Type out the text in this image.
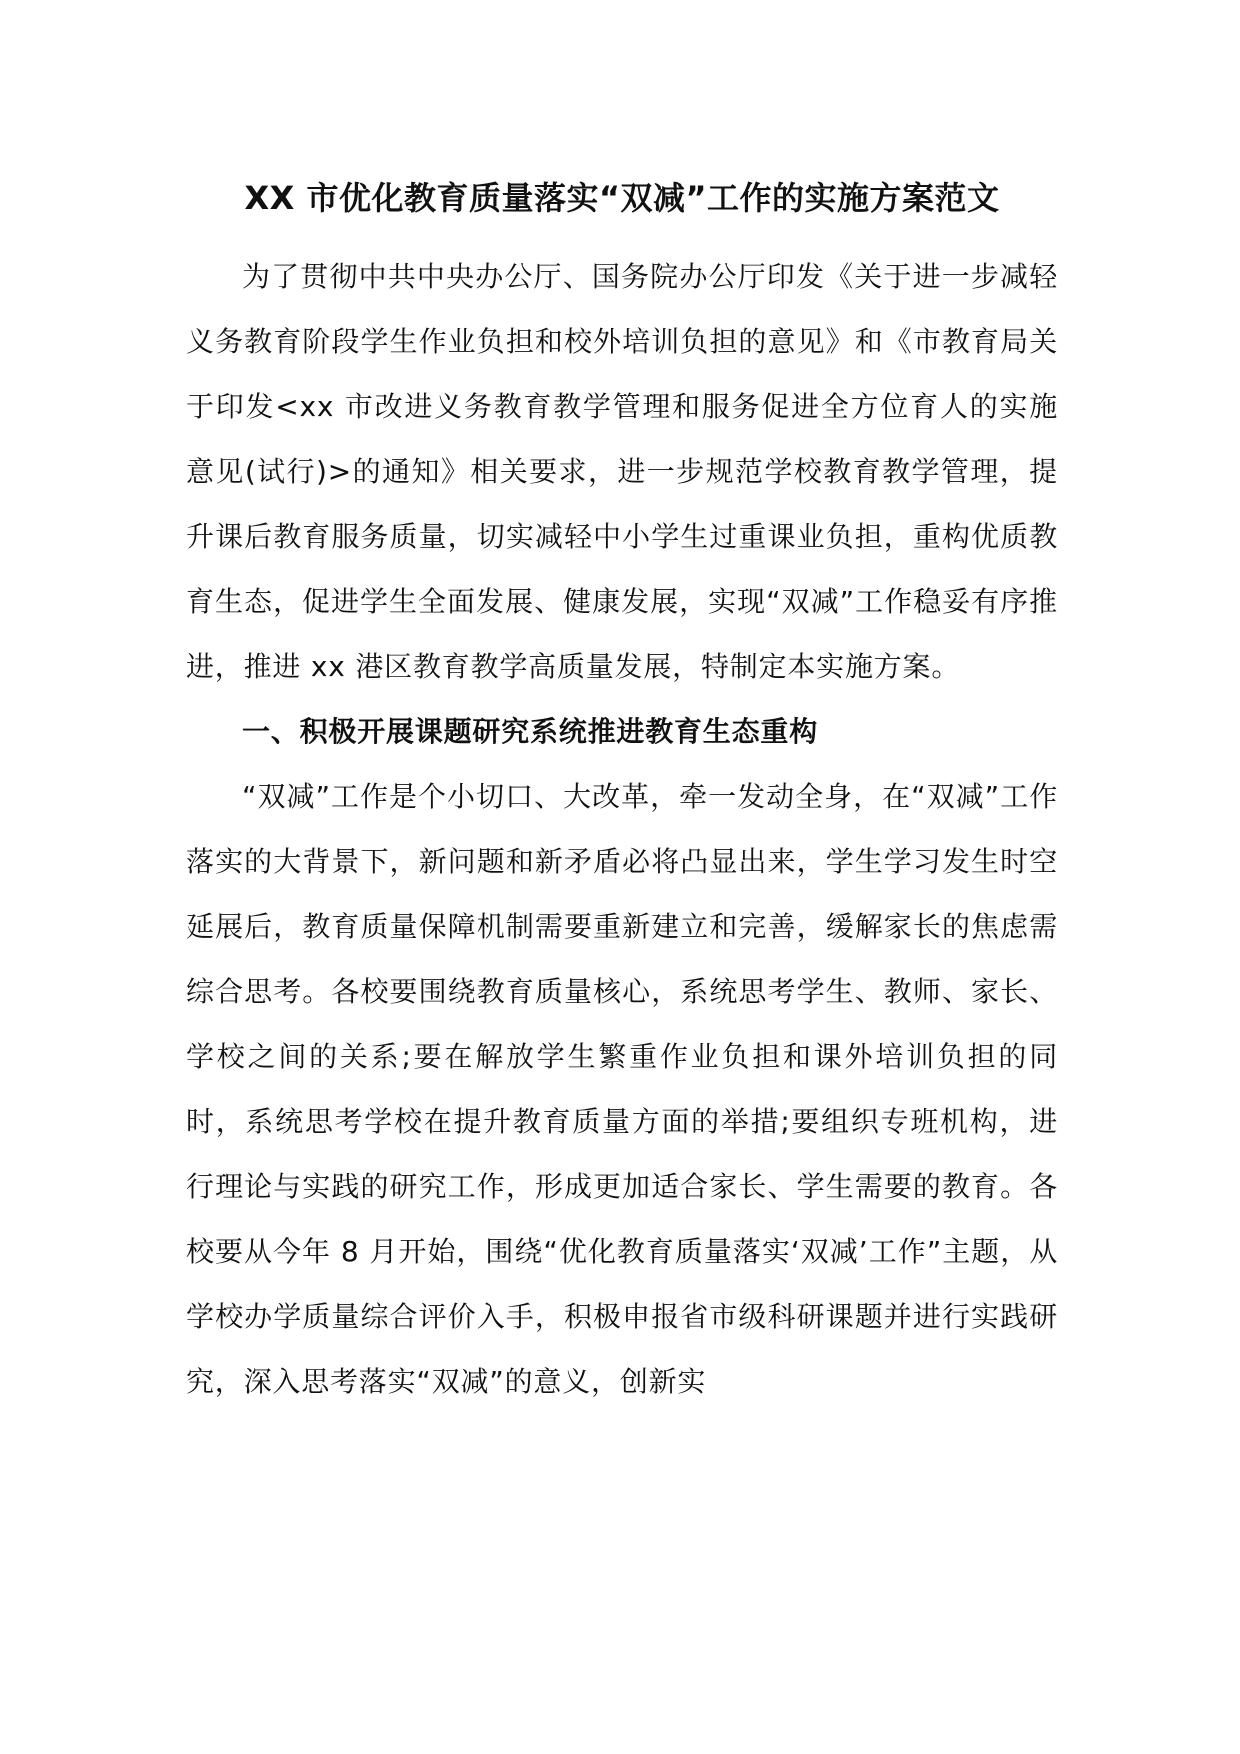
XX 市优化教育质量落实“双减”工作的实施方案范文

为了贯彻中共中央办公厅、国务院办公厅印发《关于进一步减轻义务教育阶段学生作业负担和校外培训负担的意见》和《市教育局关于印发<xx 市改进义务教育教学管理和服务促进全方位育人的实施意见(试行)>的通知》相关要求，进一步规范学校教育教学管理，提升课后教育服务质量，切实减轻中小学生过重课业负担，重构优质教育生态，促进学生全面发展、健康发展，实现“双减”工作稳妥有序推进，推进 xx 港区教育教学高质量发展，特制定本实施方案。

一、积极开展课题研究系统推进教育生态重构

“双减”工作是个小切口、大改革，牵一发动全身，在“双减”工作落实的大背景下，新问题和新矛盾必将凸显出来，学生学习发生时空延展后，教育质量保障机制需要重新建立和完善，缓解家长的焦虑需综合思考。各校要围绕教育质量核心，系统思考学生、教师、家长、学校之间的关系;要在解放学生繁重作业负担和课外培训负担的同时，系统思考学校在提升教育质量方面的举措;要组织专班机构，进行理论与实践的研究工作，形成更加适合家长、学生需要的教育。各校要从今年 8 月开始，围绕“优化教育质量落实‘双减’工作”主题，从学校办学质量综合评价入手，积极申报省市级科研课题并进行实践研究，深入思考落实“双减”的意义，创新实
